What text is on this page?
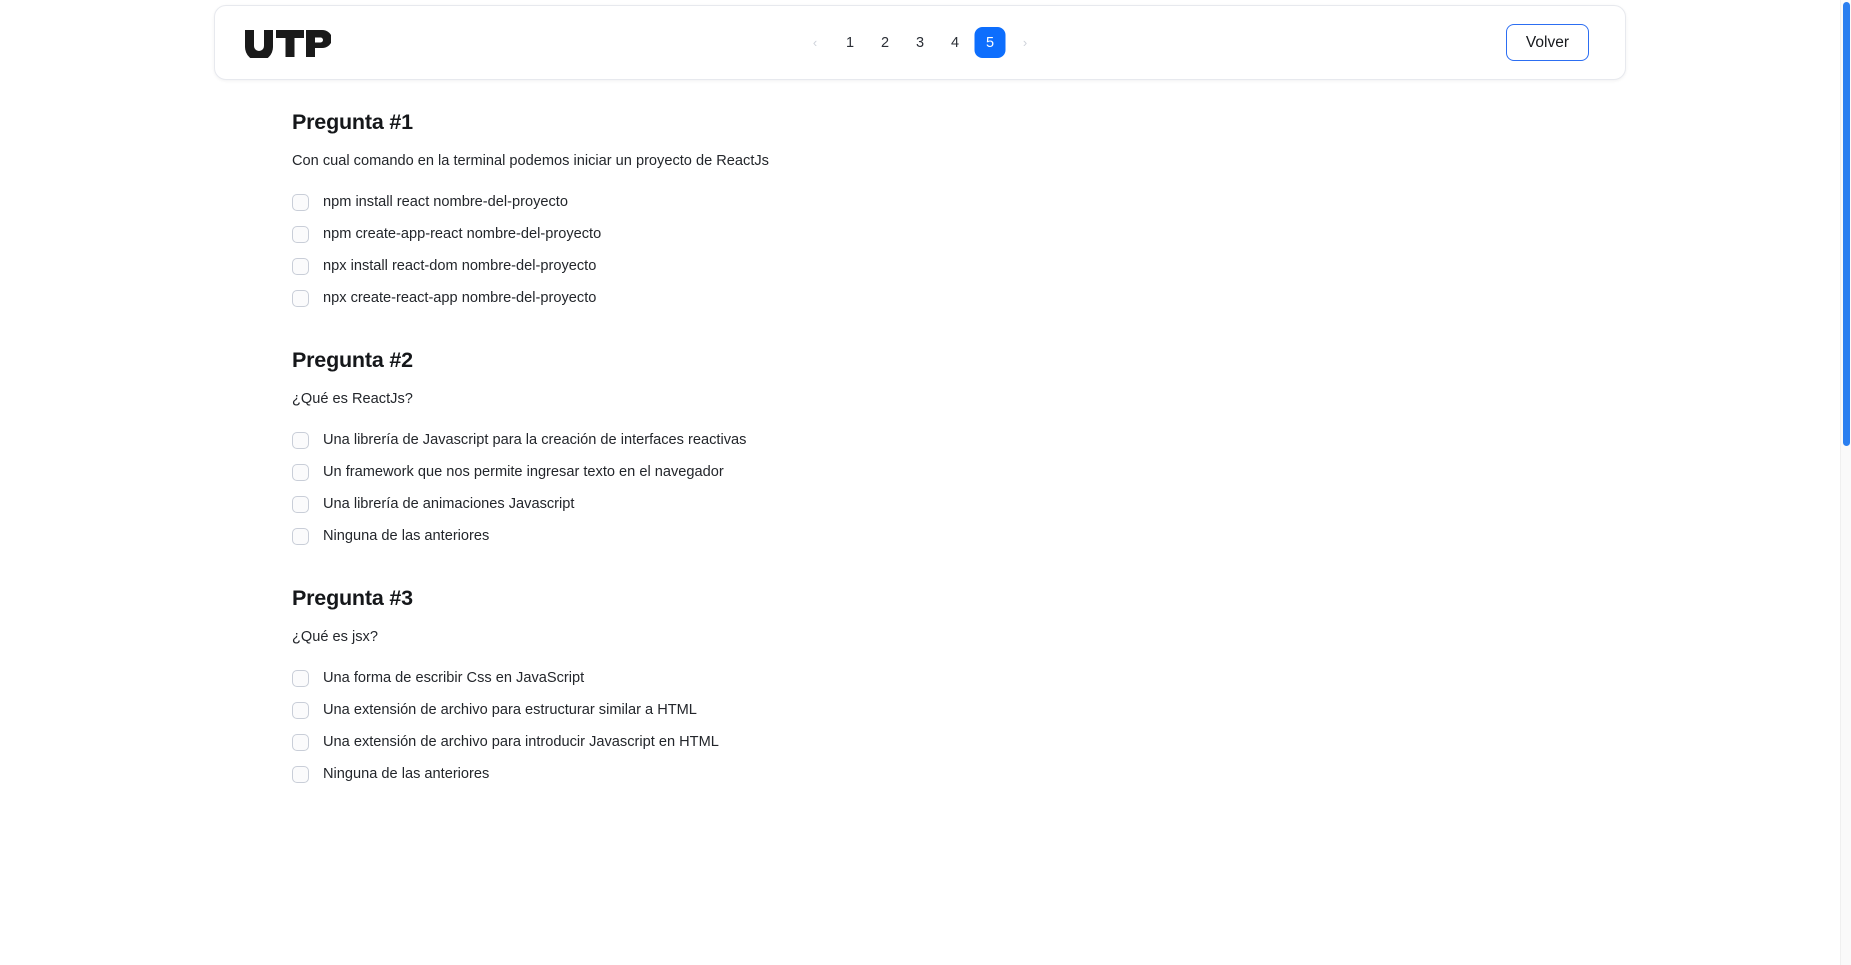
‹	1	2	3	4	5	›	Volver
Pregunta #1

Con cual comando en la terminal podemos iniciar un proyecto de ReactJs

npm install react nombre-del-proyecto
npm create-app-react nombre-del-proyecto
npx install react-dom nombre-del-proyecto
npx create-react-app nombre-del-proyecto
Pregunta #2

¿Qué es ReactJs?

Una librería de Javascript para la creación de interfaces reactivas
Un framework que nos permite ingresar texto en el navegador
Una librería de animaciones Javascript
Ninguna de las anteriores
Pregunta #3

¿Qué es jsx?

Una forma de escribir Css en JavaScript
Una extensión de archivo para estructurar similar a HTML
Una extensión de archivo para introducir Javascript en HTML
Ninguna de las anteriores
